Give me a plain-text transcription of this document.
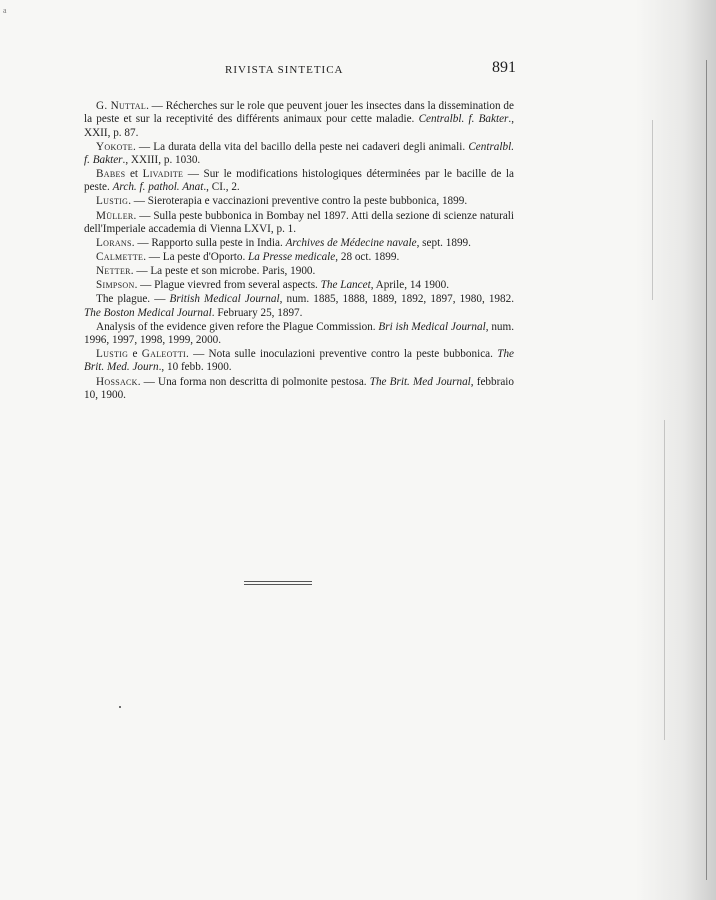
a
RIVISTA SINTETICA	891
G. Nuttal. — Récherches sur le role que peuvent jouer les insectes dans la dissemination de la peste et sur la receptivité des différents animaux pour cette maladie. Centralbl. f. Bakter., XXII, p. 87.
Yokote. — La durata della vita del bacillo della peste nei cadaveri degli animali. Centralbl. f. Bakter., XXIII, p. 1030.
Babes et Livadite — Sur le modifications histologiques déterminées par le bacille de la peste. Arch. f. pathol. Anat., CI., 2.
Lustig. — Sieroterapia e vaccinazioni preventive contro la peste bubbonica, 1899.
Müller. — Sulla peste bubbonica in Bombay nel 1897. Atti della sezione di scienze naturali dell'Imperiale accademia di Vienna LXVI, p. 1.
Lorans. — Rapporto sulla peste in India. Archives de Médecine navale, sept. 1899.
Calmette. — La peste d'Oporto. La Presse medicale, 28 oct. 1899.
Netter. — La peste et son microbe. Paris, 1900.
Simpson. — Plague vievred from several aspects. The Lancet, Aprile, 14 1900.
The plague. — British Medical Journal, num. 1885, 1888, 1889, 1892, 1897, 1980, 1982. The Boston Medical Journal. February 25, 1897.
Analysis of the evidence given refore the Plague Commission. Bri ish Medical Journal, num. 1996, 1997, 1998, 1999, 2000.
Lustig e Galeotti. — Nota sulle inoculazioni preventive contro la peste bubbonica. The Brit. Med. Journ., 10 febb. 1900.
Hossack. — Una forma non descritta di polmonite pestosa. The Brit. Med Journal, febbraio 10, 1900.
